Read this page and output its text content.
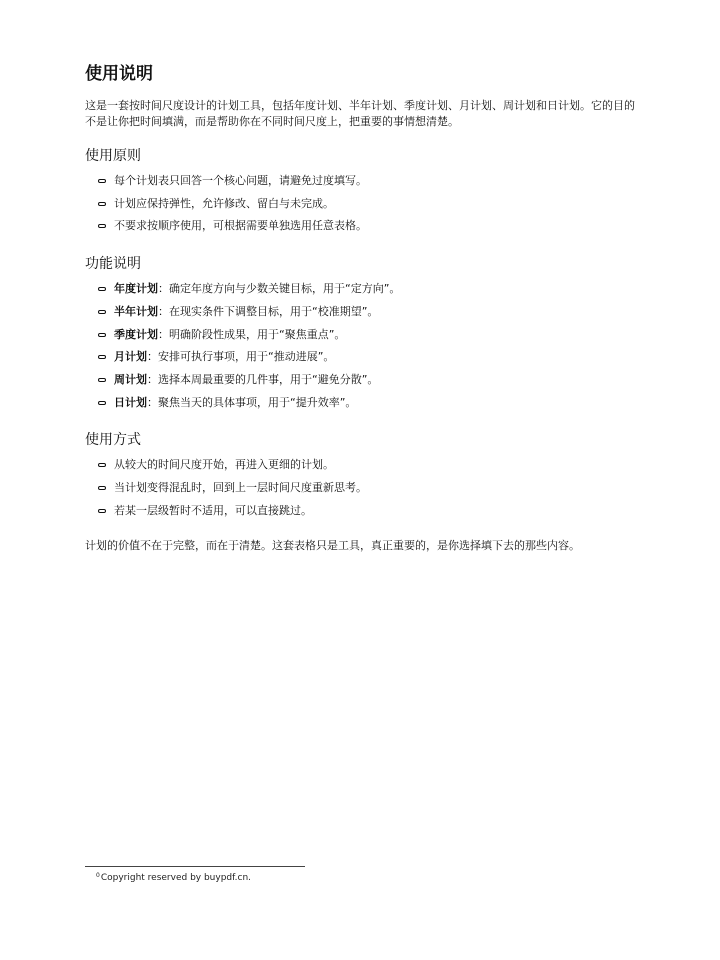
使用说明

这是一套按时间尺度设计的计划工具，包括年度计划、半年计划、季度计划、月计划、周计划和日计划。它的目的不是让你把时间填满，而是帮助你在不同时间尺度上，把重要的事情想清楚。

使用原则
每个计划表只回答一个核心问题，请避免过度填写。
计划应保持弹性，允许修改、留白与未完成。
不要求按顺序使用，可根据需要单独选用任意表格。
功能说明
年度计划：确定年度方向与少数关键目标，用于“定方向”。
半年计划：在现实条件下调整目标，用于“校准期望”。
季度计划：明确阶段性成果，用于“聚焦重点”。
月计划：安排可执行事项，用于“推动进展”。
周计划：选择本周最重要的几件事，用于“避免分散”。
日计划：聚焦当天的具体事项，用于“提升效率”。
使用方式
从较大的时间尺度开始，再进入更细的计划。
当计划变得混乱时，回到上一层时间尺度重新思考。
若某一层级暂时不适用，可以直接跳过。

计划的价值不在于完整，而在于清楚。这套表格只是工具，真正重要的，是你选择填下去的那些内容。

$^0$Copyright reserved by buypdf.cn.
